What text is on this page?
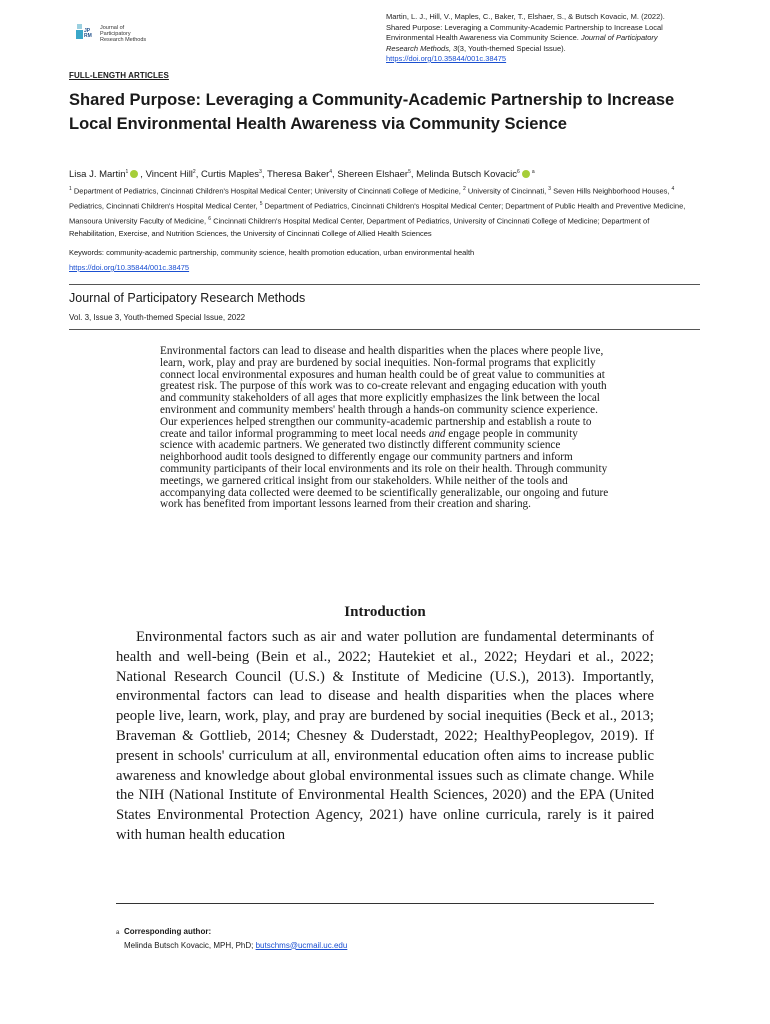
JP RM
Journal of
Participatory
Research Methods
Martin, L. J., Hill, V., Maples, C., Baker, T., Elshaer, S., & Butsch Kovacic, M. (2022).
Shared Purpose: Leveraging a Community-Academic Partnership to Increase Local
Environmental Health Awareness via Community Science. Journal of Participatory
Research Methods, 3(3, Youth-themed Special Issue).
https://doi.org/10.35844/001c.38475
FULL-LENGTH ARTICLES
Shared Purpose: Leveraging a Community-Academic Partnership to Increase Local Environmental Health Awareness via Community Science
Lisa J. Martin$^1$ , Vincent Hill$^2$, Curtis Maples$^3$, Theresa Baker$^4$, Shereen Elshaer$^5$, Melinda Butsch Kovacic$^6$ $^a$
$^1$ Department of Pediatrics, Cincinnati Children's Hospital Medical Center; University of Cincinnati College of Medicine, $^2$ University of Cincinnati, $^3$ Seven Hills Neighborhood Houses, $^4$ Pediatrics, Cincinnati Children's Hospital Medical Center, $^5$ Department of Pediatrics, Cincinnati Children's Hospital Medical Center; Department of Public Health and Preventive Medicine, Mansoura University Faculty of Medicine, $^6$ Cincinnati Children's Hospital Medical Center, Department of Pediatrics, University of Cincinnati College of Medicine; Department of Rehabilitation, Exercise, and Nutrition Sciences, the University of Cincinnati College of Allied Health Sciences
Keywords: community-academic partnership, community science, health promotion education, urban environmental health
https://doi.org/10.35844/001c.38475
Journal of Participatory Research Methods
Vol. 3, Issue 3, Youth-themed Special Issue, 2022

Environmental factors can lead to disease and health disparities when the places where people live, learn, work, play and pray are burdened by social inequities. Non-formal programs that explicitly connect local environmental exposures and human health could be of great value to communities at greatest risk. The purpose of this work was to co-create relevant and engaging education with youth and community stakeholders of all ages that more explicitly emphasizes the link between the local environment and community members' health through a hands-on community science experience. Our experiences helped strengthen our community-academic partnership and establish a route to create and tailor informal programming to meet local needs and engage people in community science with academic partners. We generated two distinctly different community science neighborhood audit tools designed to differently engage our community partners and inform community participants of their local environments and its role on their health. Through community meetings, we garnered critical insight from our stakeholders. While neither of the tools and accompanying data collected were deemed to be scientifically generalizable, our ongoing and future work has benefited from important lessons learned from their creation and sharing.

Introduction

Environmental factors such as air and water pollution are fundamental determinants of health and well-being (Bein et al., 2022; Hautekiet et al., 2022; Heydari et al., 2022; National Research Council (U.S.) & Institute of Medicine (U.S.), 2013). Importantly, environmental factors can lead to disease and health disparities when the places where people live, learn, work, play, and pray are burdened by social inequities (Beck et al., 2013; Braveman & Gottlieb, 2014; Chesney & Duderstadt, 2022; HealthyPeoplegov, 2019). If present in schools' curriculum at all, environmental education often aims to increase public awareness and knowledge about global environmental issues such as climate change. While the NIH (National Institute of Environmental Health Sciences, 2020) and the EPA (United States Environmental Protection Agency, 2021) have online curricula, rarely is it paired with human health education

a Corresponding author:
Melinda Butsch Kovacic, MPH, PhD; butschms@ucmail.uc.edu
